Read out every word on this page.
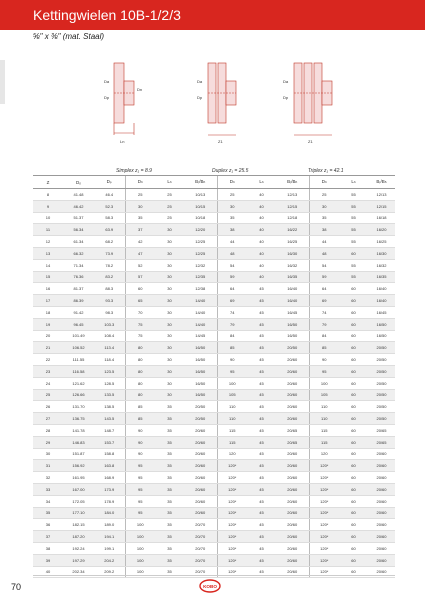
Kettingwielen 10B-1/2/3
⅝" x ⅜" (mat. Staal)
Da
Dp
Dn
Ln
Da
Dp
Z1
Da
Dp
Z1
Simplex z₁ = 8.9	Duplex z₁ = 25.5	Triplex z₁ = 42.1
Z	Dₒ	Dₚ	Dₙ	Lₙ	Bᵣ/Bₕ	Dₙ	Lₙ	Bᵣ/Bₕ	Dₙ	Lₙ	Bᵣ/Bₕ
8	41.48	46.4	25	25	10/13	25	40	12/13	25	55	12/13
9	46.42	52.3	30	25	10/15	30	40	12/15	30	55	12/15
10	51.37	58.3	35	25	10/18	35	40	12/18	35	55	16/18
11	56.34	63.9	37	30	12/20	38	40	16/22	38	55	16/20
12	61.34	68.2	42	30	12/25	44	40	16/25	44	55	16/25
13	66.32	73.9	47	30	12/25	48	40	16/30	48	60	16/30
14	71.34	78.2	52	30	12/32	54	40	16/32	54	55	16/32
15	76.36	83.2	57	30	12/35	59	40	16/35	59	55	16/35
16	81.37	88.3	60	30	12/38	64	45	16/40	64	60	16/40
17	86.39	93.3	65	30	14/40	69	45	16/40	69	60	16/40
18	91.42	98.3	70	30	14/40	74	45	16/45	74	60	16/45
19	96.45	103.3	75	30	14/40	79	45	16/50	79	60	16/50
20	101.49	108.4	75	30	14/45	84	45	16/50	84	60	16/50
21	106.52	113.4	80	30	16/50	85	45	20/50	85	60	20/50
22	111.55	118.4	80	30	16/50	90	45	20/60	90	60	20/50
23	116.58	123.5	80	30	16/50	95	45	20/60	95	60	20/50
24	121.62	128.5	80	30	16/50	100	45	20/60	100	60	20/50
25	126.66	133.5	80	30	16/50	105	45	20/60	105	60	20/50
26	131.70	138.5	85	35	20/50	110	45	20/60	110	60	20/50
27	136.75	143.5	85	35	20/50	110	45	20/60	110	60	20/50
28	141.78	148.7	90	35	20/60	115	45	20/65	115	60	20/65
29	146.83	153.7	90	35	20/60	115	45	20/65	115	60	20/65
30	151.87	158.8	90	35	20/60	120	45	20/60	120	60	20/60
31	156.92	163.8	95	35	20/60	120*	45	20/60	120*	60	20/60
32	161.95	168.9	95	35	20/60	120*	45	20/60	120*	60	20/60
33	167.00	173.9	95	35	20/60	120*	45	20/60	120*	60	20/60
34	172.05	178.9	95	35	20/60	120*	45	20/60	120*	60	20/60
35	177.10	184.0	95	35	20/60	120*	45	20/60	120*	60	20/60
36	182.15	189.0	100	35	20/70	120*	45	20/60	120*	60	20/60
37	187.20	194.1	100	35	20/70	120*	45	20/60	120*	60	20/60
38	192.24	199.1	100	35	20/70	120*	45	20/60	120*	60	20/60
39	197.29	204.2	100	35	20/70	120*	45	20/60	120*	60	20/60
40	202.34	209.2	100	35	20/70	120*	45	20/60	120*	60	20/60
70	KOBO
